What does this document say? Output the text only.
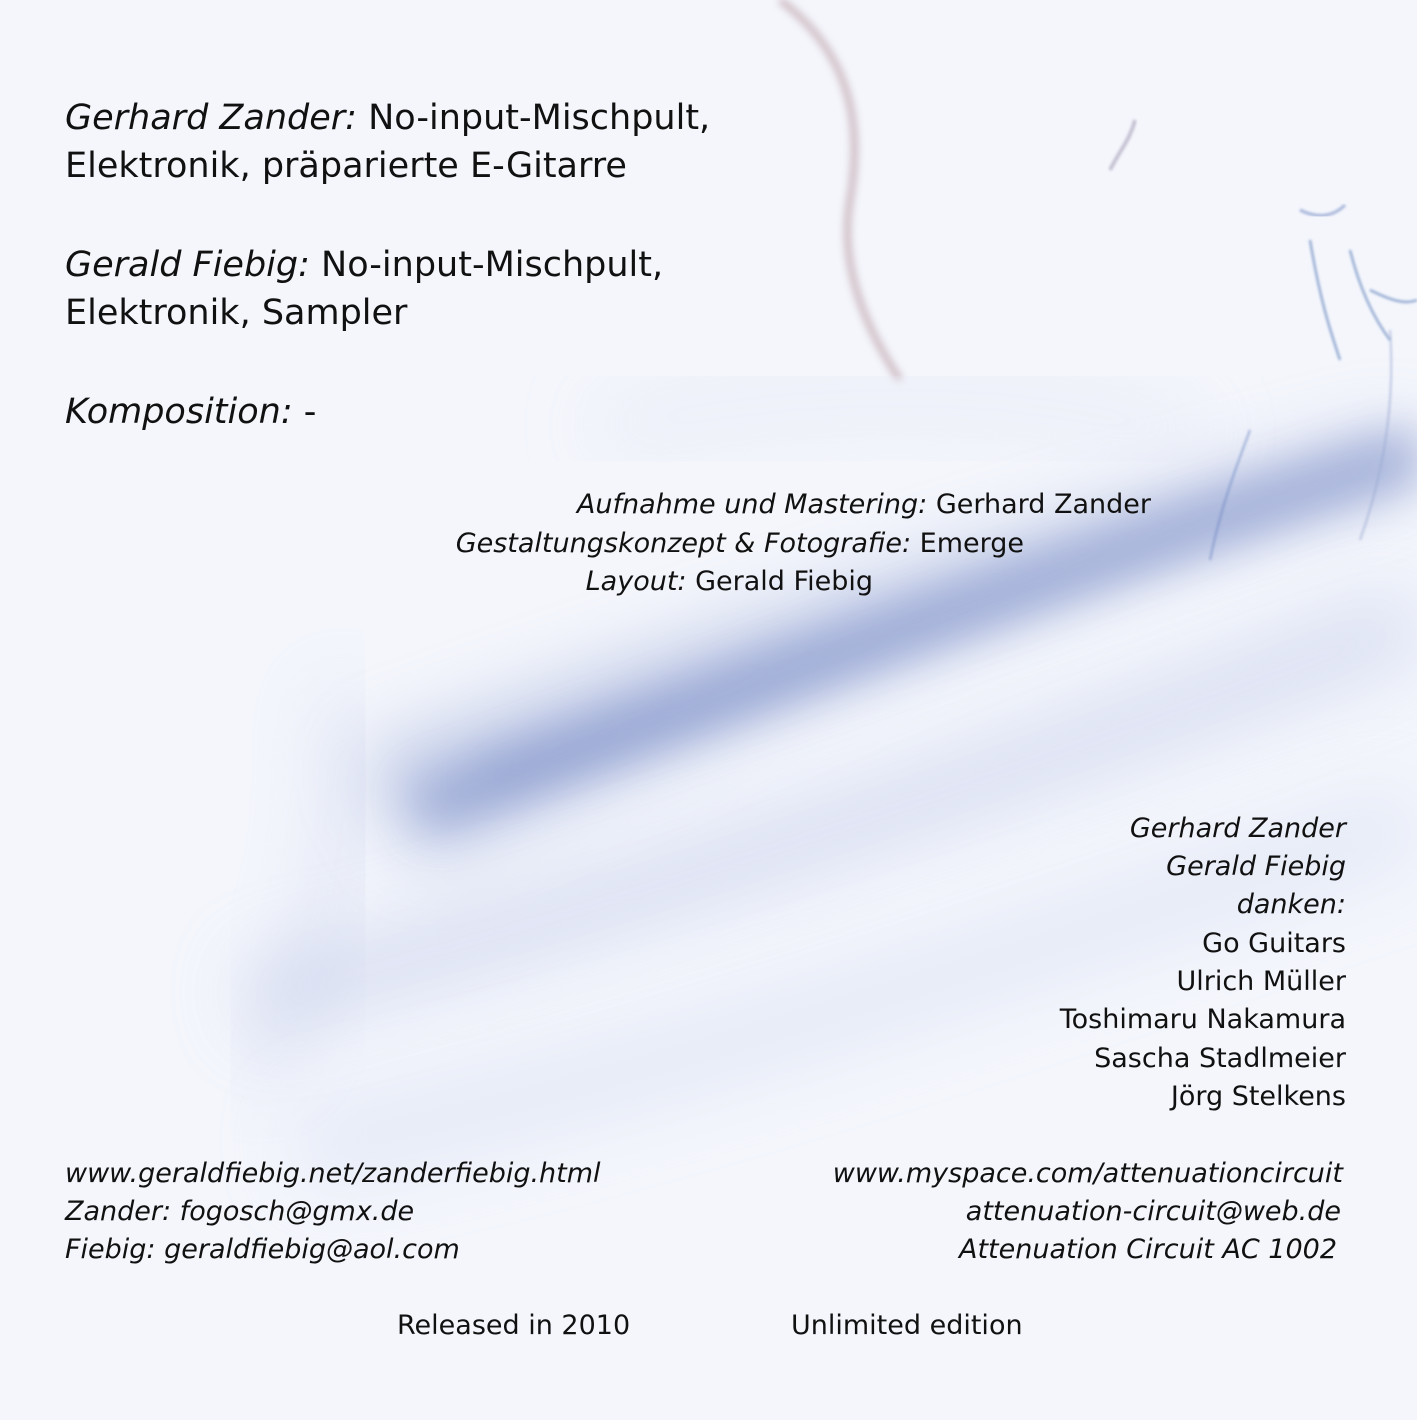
Gerhard Zander: No-input-Mischpult,
Elektronik, präparierte E-Gitarre
Gerald Fiebig: No-input-Mischpult,
Elektronik, Sampler
Komposition: -
Aufnahme und Mastering: Gerhard Zander
Gestaltungskonzept & Fotografie: Emerge
Layout: Gerald Fiebig
Gerhard Zander
Gerald Fiebig
danken:
Go Guitars
Ulrich Müller
Toshimaru Nakamura
Sascha Stadlmeier
Jörg Stelkens
www.geraldfiebig.net/zanderfiebig.html
Zander: fogosch@gmx.de
Fiebig: geraldfiebig@aol.com
www.myspace.com/attenuationcircuit
attenuation-circuit@web.de
Attenuation Circuit AC 1002
Released in 2010	Unlimited edition
